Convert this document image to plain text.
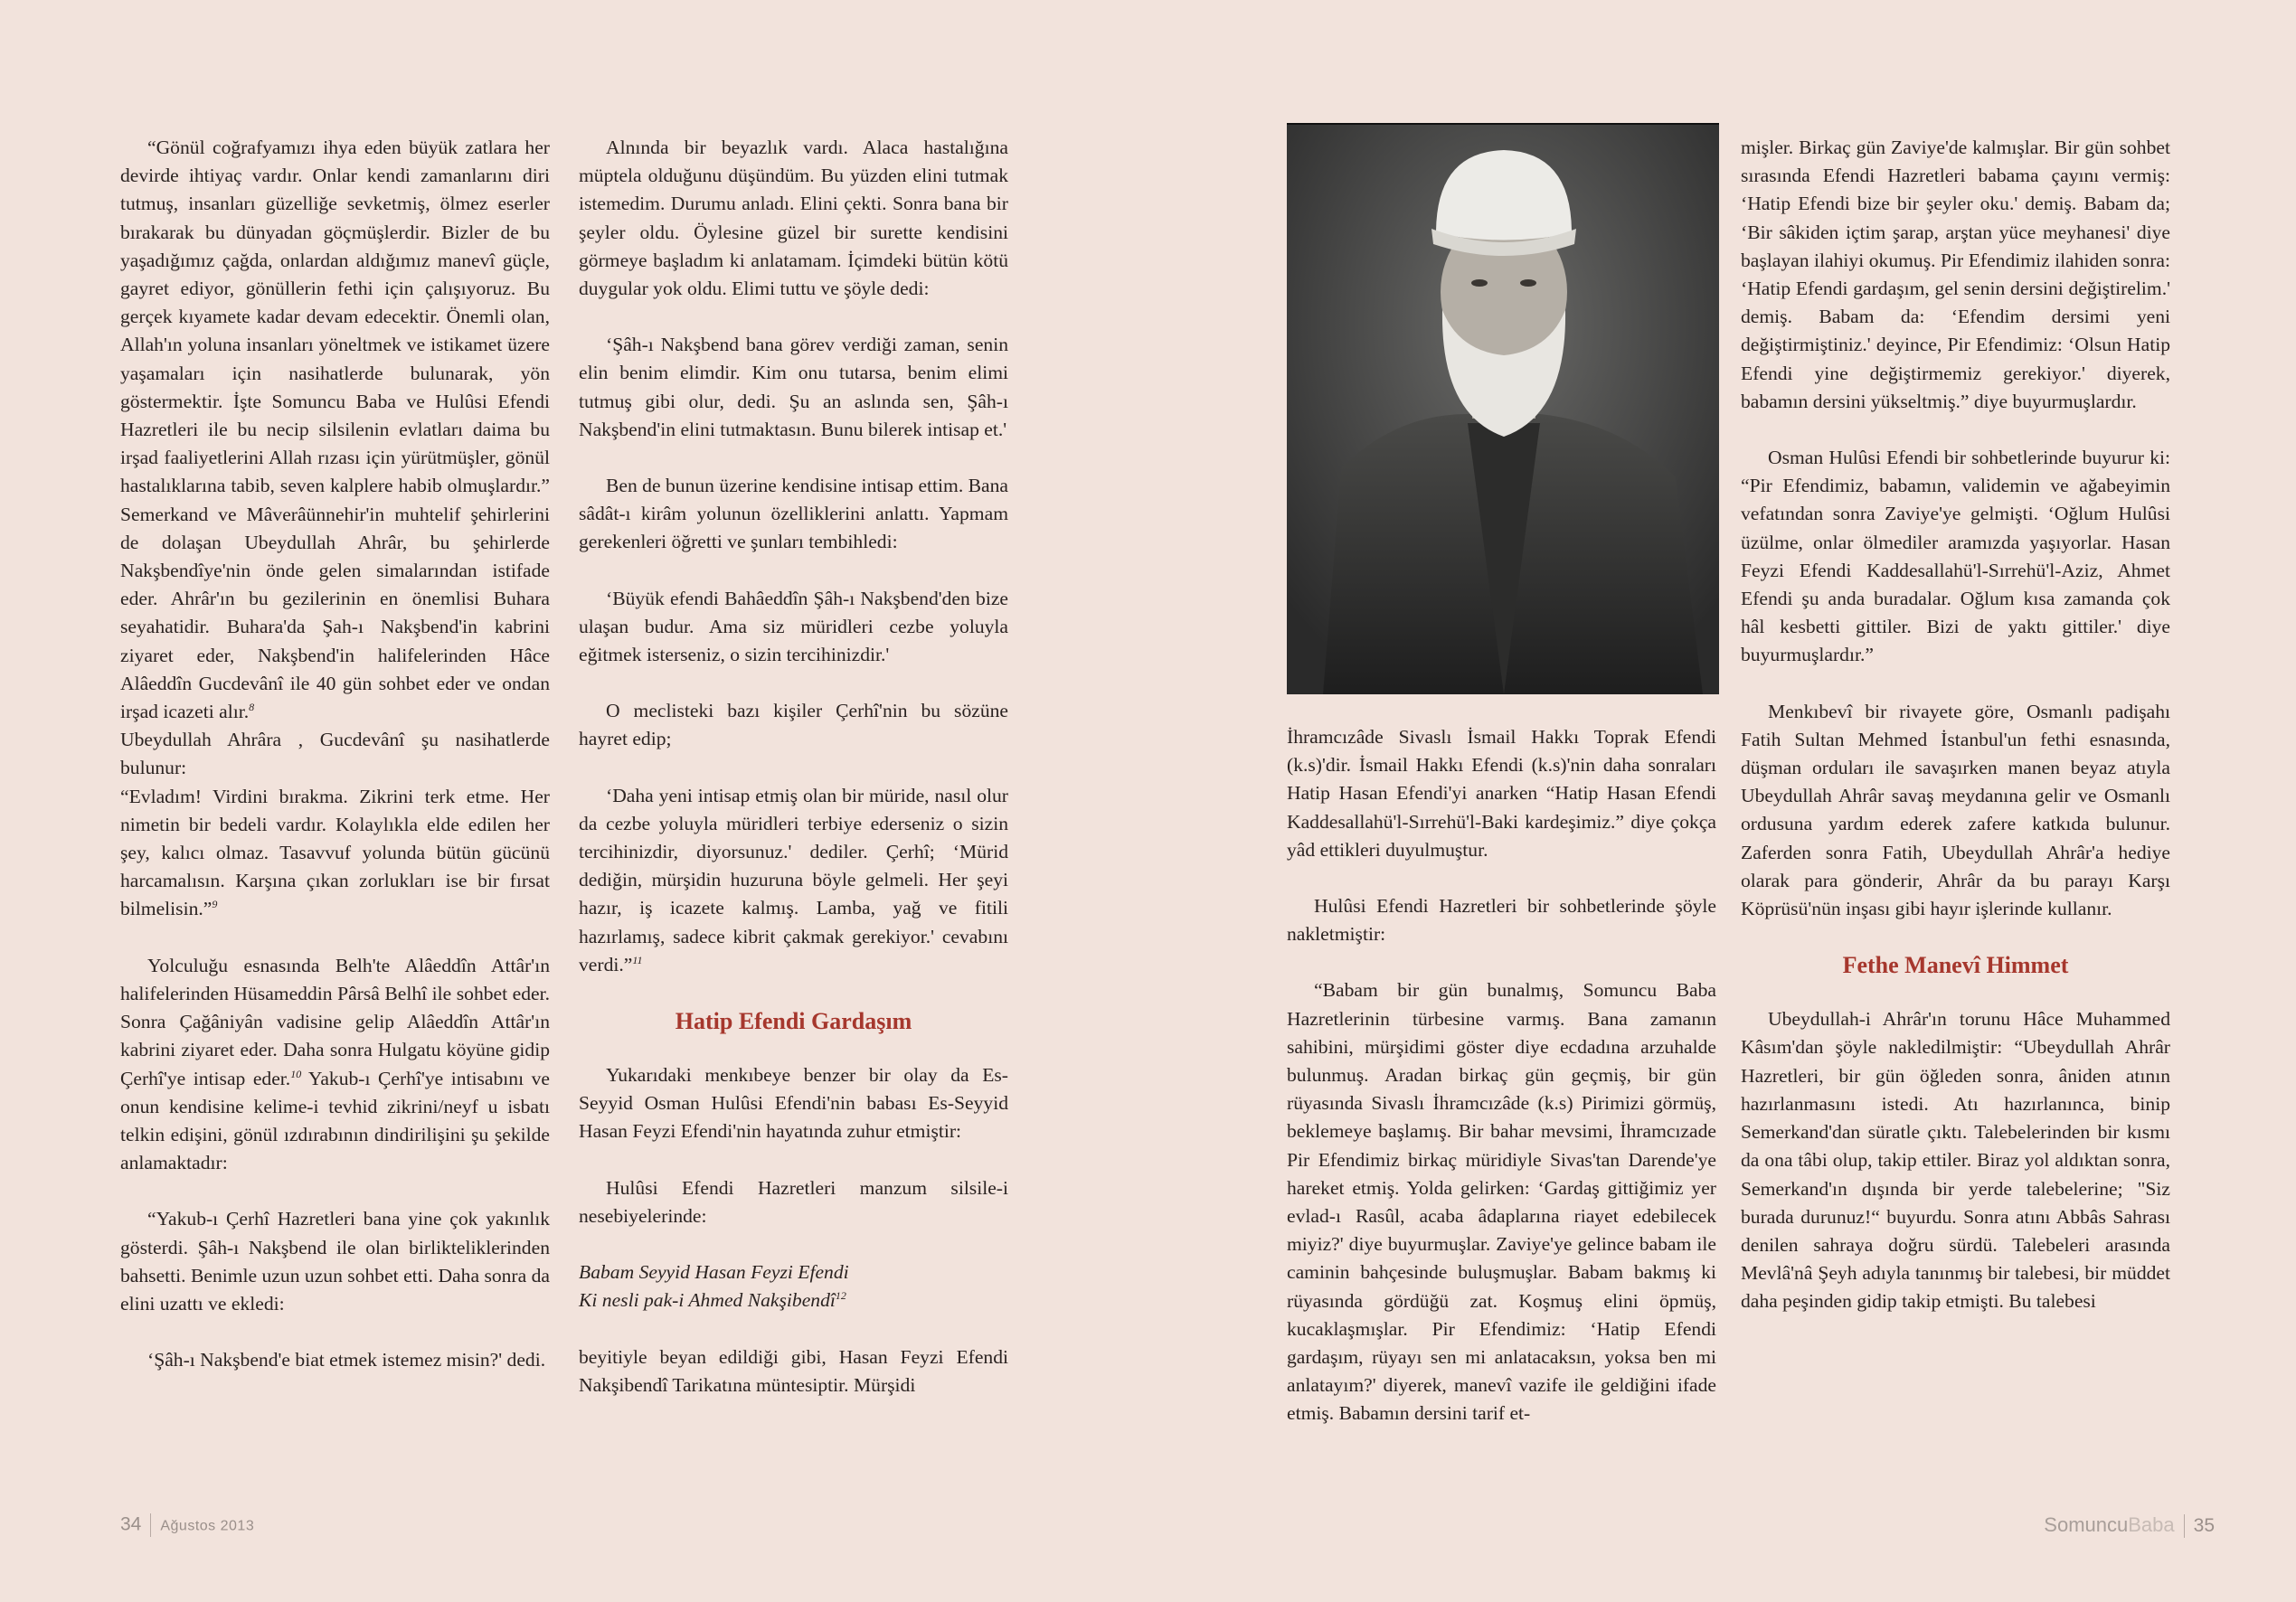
“Gönül coğrafyamızı ihya eden büyük zatlara her devirde ihtiyaç vardır. Onlar kendi zamanlarını diri tutmuş, insanları güzelliğe sevketmiş, ölmez eserler bırakarak bu dünyadan göçmüşlerdir. Bizler de bu yaşadığımız çağda, onlardan aldığımız manevî güçle, gayret ediyor, gönüllerin fethi için çalışıyoruz. Bu gerçek kıyamete kadar devam edecektir. Önemli olan, Allah'ın yoluna insanları yöneltmek ve istikamet üzere yaşamaları için nasihatlerde bulunarak, yön göstermektir. İşte Somuncu Baba ve Hulûsi Efendi Hazretleri ile bu necip silsilenin evlatları daima bu irşad faaliyetlerini Allah rızası için yürütmüşler, gönül hastalıklarına tabib, seven kalplere habib olmuşlardır.” Semerkand ve Mâverâünnehir'in muhtelif şehirlerini de dolaşan Ubeydullah Ahrâr, bu şehirlerde Nakşbendîye'nin önde gelen simalarından istifade eder. Ahrâr'ın bu gezilerinin en önemlisi Buhara seyahatidir. Buhara'da Şah-ı Nakşbend'in kabrini ziyaret eder, Nakşbend'in halifelerinden Hâce Alâeddîn Gucdevânî ile 40 gün sohbet eder ve ondan irşad icazeti alır.$^8$

Ubeydullah Ahrâra , Gucdevânî şu nasihatlerde bulunur:

“Evladım! Virdini bırakma. Zikrini terk etme. Her nimetin bir bedeli vardır. Kolaylıkla elde edilen her şey, kalıcı olmaz. Tasavvuf yolunda bütün gücünü harcamalısın. Karşına çıkan zorlukları ise bir fırsat bilmelisin.”$^9$

Yolculuğu esnasında Belh'te Alâeddîn Attâr'ın halifelerinden Hüsameddin Pârsâ Belhî ile sohbet eder. Sonra Çağâniyân vadisine gelip Alâeddîn Attâr'ın kabrini ziyaret eder. Daha sonra Hulgatu köyüne gidip Çerhî'ye intisap eder.$^{10}$ Yakub-ı Çerhî'ye intisabını ve onun kendisine kelime-i tevhid zikrini/neyf u isbatı telkin edişini, gönül ızdırabının dindirilişini şu şekilde anlamaktadır:

“Yakub-ı Çerhî Hazretleri bana yine çok yakınlık gösterdi. Şâh-ı Nakşbend ile olan birlikteliklerinden bahsetti. Benimle uzun uzun sohbet etti. Daha sonra da elini uzattı ve ekledi:

‘Şâh-ı Nakşbend'e biat etmek istemez misin?' dedi.

Alnında bir beyazlık vardı. Alaca hastalığına müptela olduğunu düşündüm. Bu yüzden elini tutmak istemedim. Durumu anladı. Elini çekti. Sonra bana bir şeyler oldu. Öylesine güzel bir surette kendisini görmeye başladım ki anlatamam. İçimdeki bütün kötü duygular yok oldu. Elimi tuttu ve şöyle dedi:

‘Şâh-ı Nakşbend bana görev verdiği zaman, senin elin benim elimdir. Kim onu tutarsa, benim elimi tutmuş gibi olur, dedi. Şu an aslında sen, Şâh-ı Nakşbend'in elini tutmaktasın. Bunu bilerek intisap et.'

Ben de bunun üzerine kendisine intisap ettim. Bana sâdât-ı kirâm yolunun özelliklerini anlattı. Yapmam gerekenleri öğretti ve şunları tembihledi:

‘Büyük efendi Bahâeddîn Şâh-ı Nakşbend'den bize ulaşan budur. Ama siz müridleri cezbe yoluyla eğitmek isterseniz, o sizin tercihinizdir.'

O meclisteki bazı kişiler Çerhî'nin bu sözüne hayret edip;

‘Daha yeni intisap etmiş olan bir müride, nasıl olur da cezbe yoluyla müridleri terbiye ederseniz o sizin tercihinizdir, diyorsunuz.' dediler. Çerhî; ‘Mürid dediğin, mürşidin huzuruna böyle gelmeli. Her şeyi hazır, iş icazete kalmış. Lamba, yağ ve fitili hazırlamış, sadece kibrit çakmak gerekiyor.' cevabını verdi.”$^{11}$

Hatip Efendi Gardaşım

Yukarıdaki menkıbeye benzer bir olay da Es-Seyyid Osman Hulûsi Efendi'nin babası Es-Seyyid Hasan Feyzi Efendi'nin hayatında zuhur etmiştir:

Hulûsi Efendi Hazretleri manzum silsile-i nesebiyelerinde:

Babam Seyyid Hasan Feyzi Efendi
Ki nesli pak-i Ahmed Nakşibendî$^{12}$

beyitiyle beyan edildiği gibi, Hasan Feyzi Efendi Nakşibendî Tarikatına müntesiptir. Mürşidi

34 Ağustos 2013

İhramcızâde Sivaslı İsmail Hakkı Toprak Efendi (k.s)'dir. İsmail Hakkı Efendi (k.s)'nin daha sonraları Hatip Hasan Efendi'yi anarken “Hatip Hasan Efendi Kaddesallahü'l-Sırrehü'l-Baki kardeşimiz.” diye çokça yâd ettikleri duyulmuştur.

Hulûsi Efendi Hazretleri bir sohbetlerinde şöyle nakletmiştir:

“Babam bir gün bunalmış, Somuncu Baba Hazretlerinin türbesine varmış. Bana zamanın sahibini, mürşidimi göster diye ecdadına arzuhalde bulunmuş. Aradan birkaç gün geçmiş, bir gün rüyasında Sivaslı İhramcızâde (k.s) Pirimizi görmüş, beklemeye başlamış. Bir bahar mevsimi, İhramcızade Pir Efendimiz birkaç müridiyle Sivas'tan Darende'ye hareket etmiş. Yolda gelirken: ‘Gardaş gittiğimiz yer evlad-ı Rasûl, acaba âdaplarına riayet edebilecek miyiz?' diye buyurmuşlar. Zaviye'ye gelince babam ile caminin bahçesinde buluşmuşlar. Babam bakmış ki rüyasında gördüğü zat. Koşmuş elini öpmüş, kucaklaşmışlar. Pir Efendimiz: ‘Hatip Efendi gardaşım, rüyayı sen mi anlatacaksın, yoksa ben mi anlatayım?' diyerek, manevî vazife ile geldiğini ifade etmiş. Babamın dersini tarif et-

mişler. Birkaç gün Zaviye'de kalmışlar. Bir gün sohbet sırasında Efendi Hazretleri babama çayını vermiş: ‘Hatip Efendi bize bir şeyler oku.' demiş. Babam da; ‘Bir sâkiden içtim şarap, arştan yüce meyhanesi' diye başlayan ilahiyi okumuş. Pir Efendimiz ilahiden sonra: ‘Hatip Efendi gardaşım, gel senin dersini değiştirelim.' demiş. Babam da: ‘Efendim dersimi yeni değiştirmiştiniz.' deyince, Pir Efendimiz: ‘Olsun Hatip Efendi yine değiştirmemiz gerekiyor.' diyerek, babamın dersini yükseltmiş.” diye buyurmuşlardır.

Osman Hulûsi Efendi bir sohbetlerinde buyurur ki: “Pir Efendimiz, babamın, validemin ve ağabeyimin vefatından sonra Zaviye'ye gelmişti. ‘Oğlum Hulûsi üzülme, onlar ölmediler aramızda yaşıyorlar. Hasan Feyzi Efendi Kaddesallahü'l-Sırrehü'l-Aziz, Ahmet Efendi şu anda buradalar. Oğlum kısa zamanda çok hâl kesbetti gittiler. Bizi de yaktı gittiler.' diye buyurmuşlardır.”

Menkıbevî bir rivayete göre, Osmanlı padişahı Fatih Sultan Mehmed İstanbul'un fethi esnasında, düşman orduları ile savaşırken manen beyaz atıyla Ubeydullah Ahrâr savaş meydanına gelir ve Osmanlı ordusuna yardım ederek zafere katkıda bulunur. Zaferden sonra Fatih, Ubeydullah Ahrâr'a hediye olarak para gönderir, Ahrâr da bu parayı Karşı Köprüsü'nün inşası gibi hayır işlerinde kullanır.

Fethe Manevî Himmet

Ubeydullah-i Ahrâr'ın torunu Hâce Muhammed Kâsım'dan şöyle nakledilmiştir: “Ubeydullah Ahrâr Hazretleri, bir gün öğleden sonra, âniden atının hazırlanmasını istedi. Atı hazırlanınca, binip Semerkand'dan süratle çıktı. Talebelerinden bir kısmı da ona tâbi olup, takip ettiler. Biraz yol aldıktan sonra, Semerkand'ın dışında bir yerde talebelerine; "Siz burada durunuz!“ buyurdu. Sonra atını Abbâs Sahrası denilen sahraya doğru sürdü. Talebeleri arasında Mevlâ'nâ Şeyh adıyla tanınmış bir talebesi, bir müddet daha peşinden gidip takip etmişti. Bu talebesi

SomuncuBaba 35
